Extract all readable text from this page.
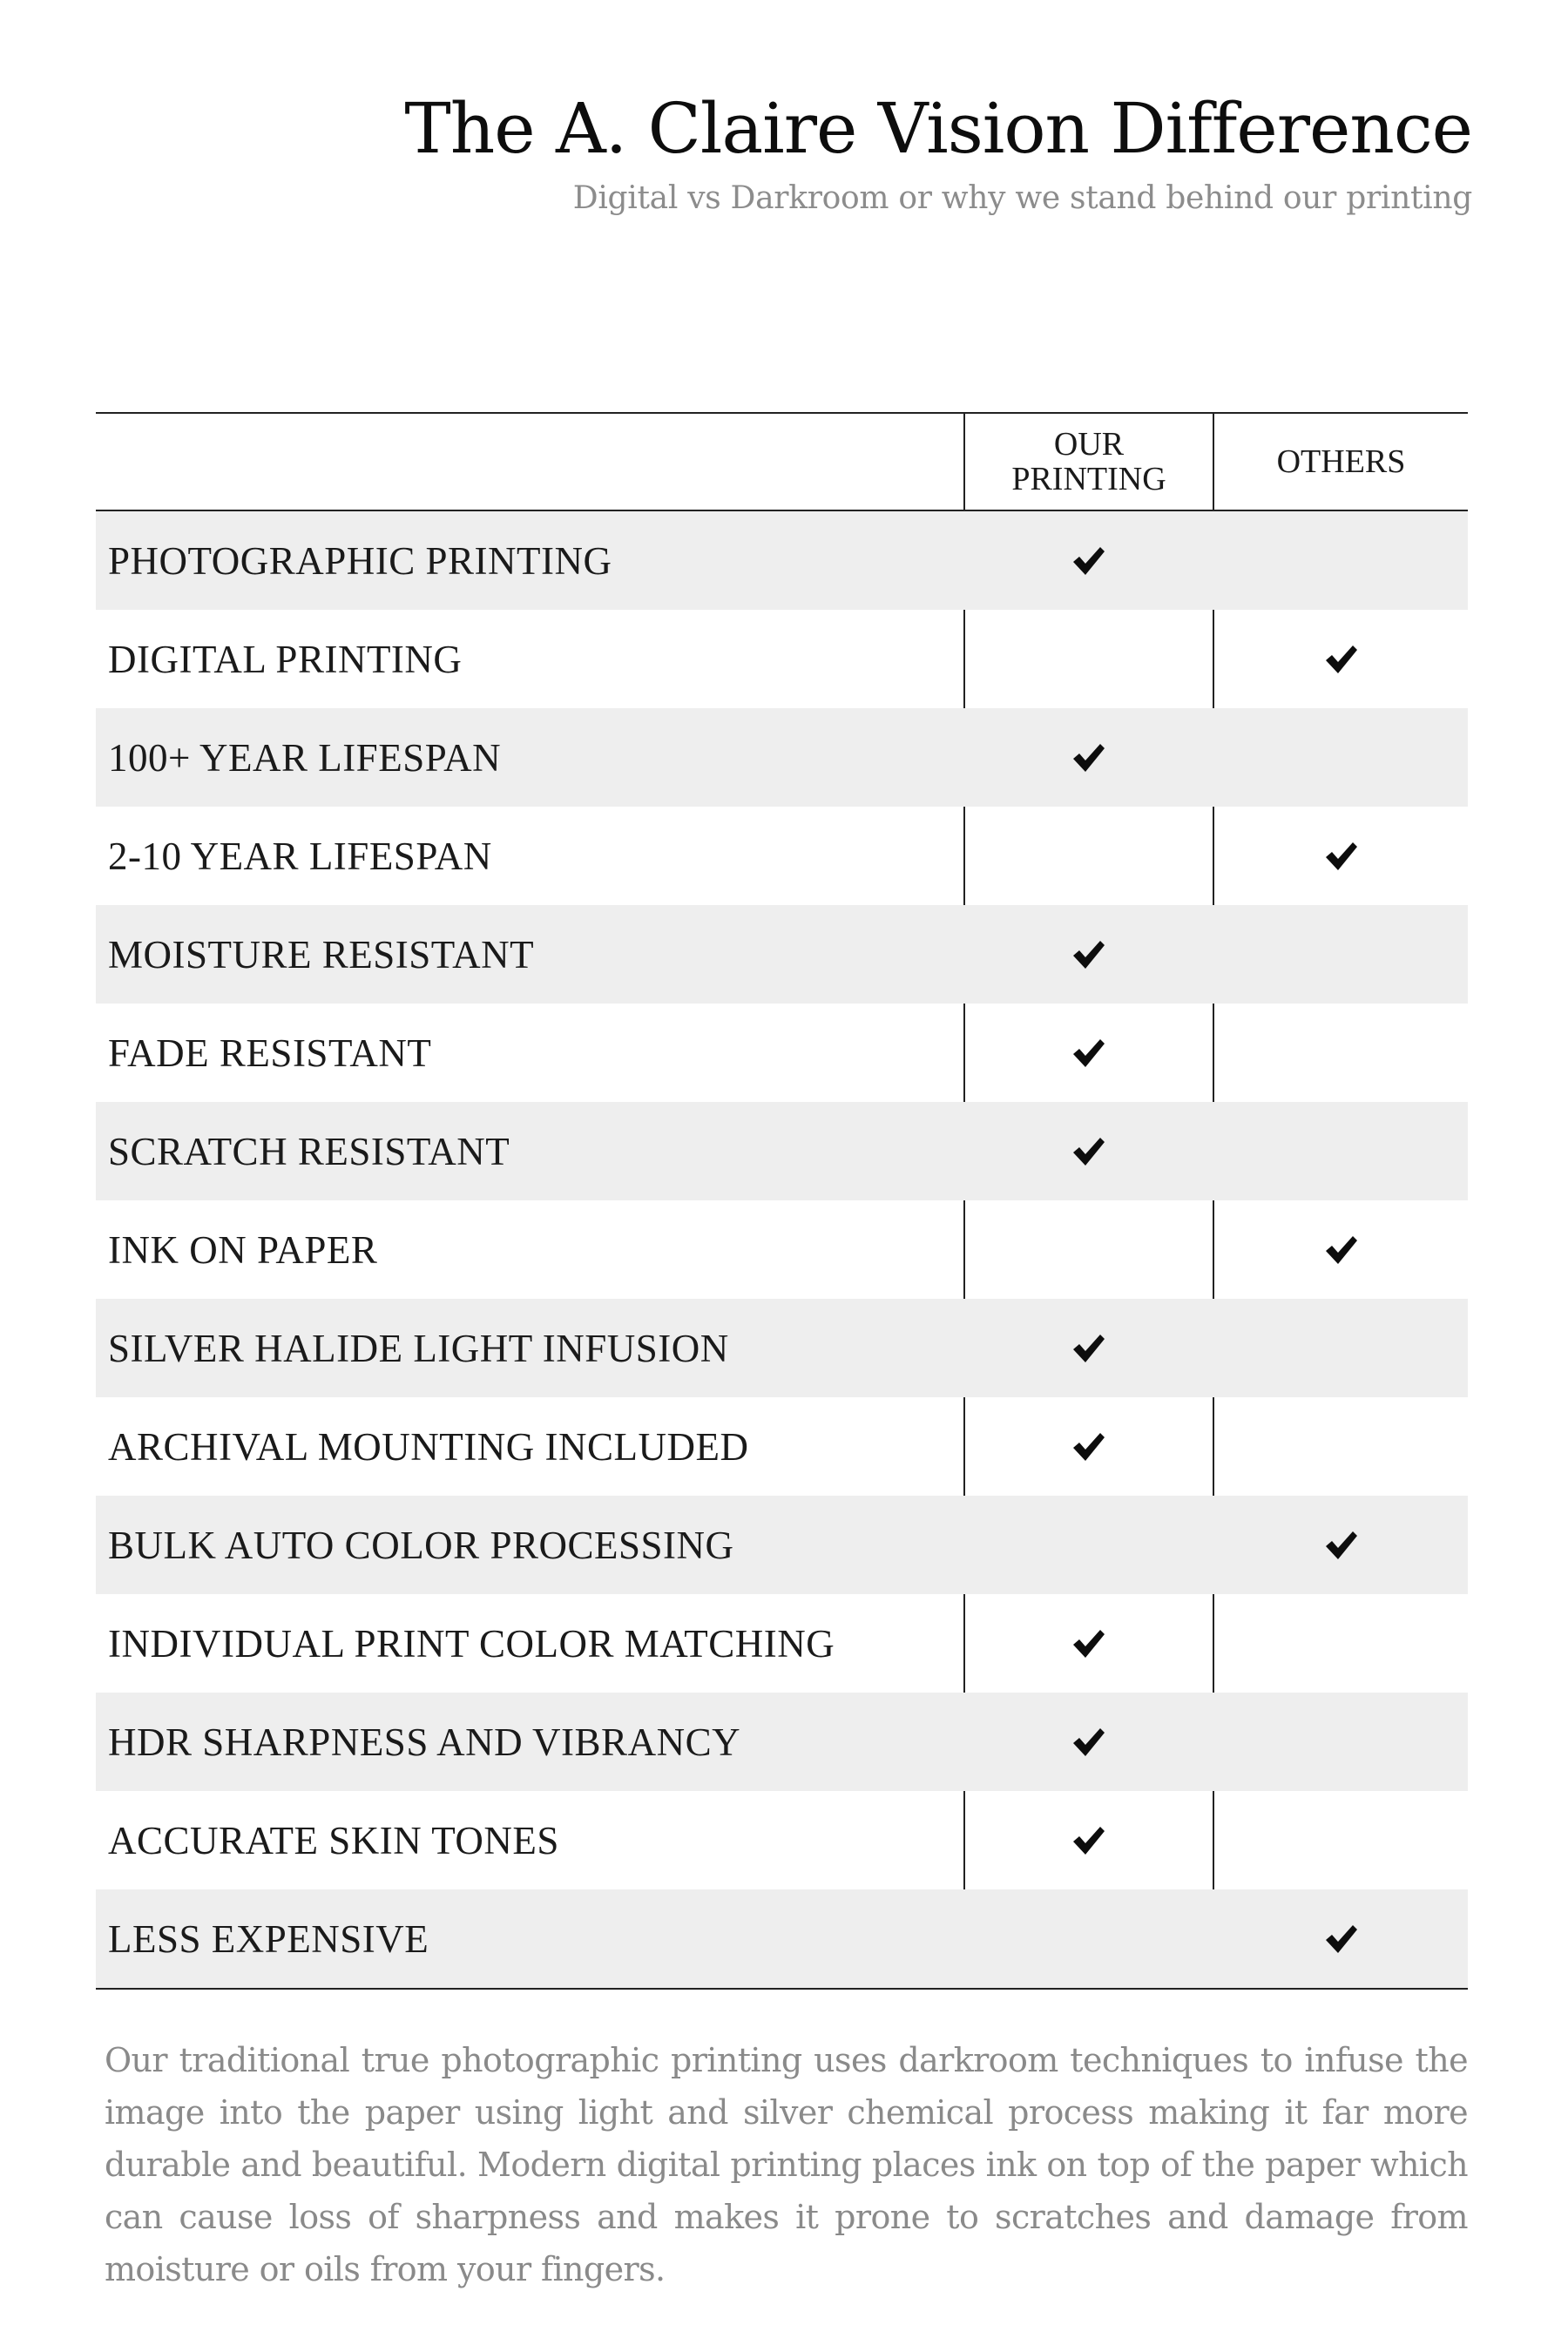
The A. Claire Vision Difference
Digital vs Darkroom or why we stand behind our printing
OUR
PRINTING	OTHERS
PHOTOGRAPHIC PRINTING
DIGITAL PRINTING
100+ YEAR LIFESPAN
2-10 YEAR LIFESPAN
MOISTURE RESISTANT
FADE RESISTANT
SCRATCH RESISTANT
INK ON PAPER
SILVER HALIDE LIGHT INFUSION
ARCHIVAL MOUNTING INCLUDED
BULK AUTO COLOR PROCESSING
INDIVIDUAL PRINT COLOR MATCHING
HDR SHARPNESS AND VIBRANCY
ACCURATE SKIN TONES
LESS EXPENSIVE
Our traditional true photographic printing uses darkroom techniques to infuse the image into the paper using light and silver chemical process making it far more durable and beautiful. Modern digital printing places ink on top of the paper which can cause loss of sharpness and makes it prone to scratches and damage from moisture or oils from your fingers.
